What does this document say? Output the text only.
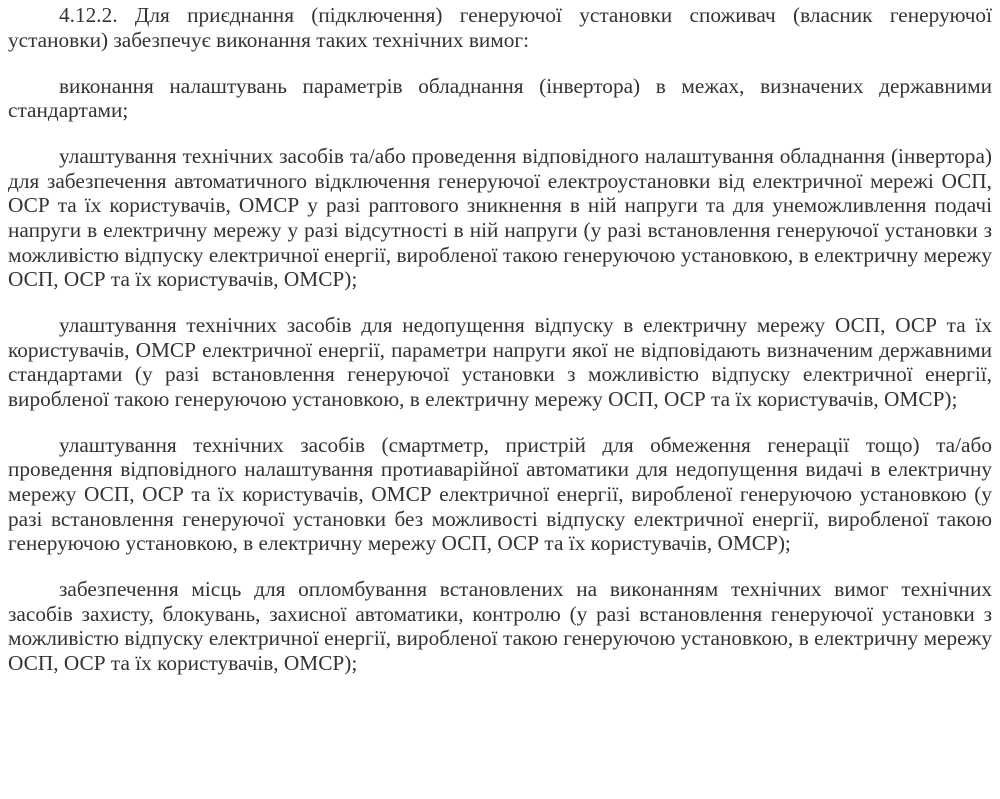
4.12.2. Для приєднання (підключення) генеруючої установки споживач (власник генеруючої установки) забезпечує виконання таких технічних вимог:

виконання налаштувань параметрів обладнання (інвертора) в межах, визначених державними стандартами;

улаштування технічних засобів та/або проведення відповідного налаштування обладнання (інвертора) для забезпечення автоматичного відключення генеруючої електроустановки від електричної мережі ОСП, ОСР та їх користувачів, ОМСР у разі раптового зникнення в ній напруги та для унеможливлення подачі напруги в електричну мережу у разі відсутності в ній напруги (у разі встановлення генеруючої установки з можливістю відпуску електричної енергії, виробленої такою генеруючою установкою, в електричну мережу ОСП, ОСР та їх користувачів, ОМСР);

улаштування технічних засобів для недопущення відпуску в електричну мережу ОСП, ОСР та їх користувачів, ОМСР електричної енергії, параметри напруги якої не відповідають визначеним державними стандартами (у разі встановлення генеруючої установки з можливістю відпуску електричної енергії, виробленої такою генеруючою установкою, в електричну мережу ОСП, ОСР та їх користувачів, ОМСР);

улаштування технічних засобів (смартметр, пристрій для обмеження генерації тощо) та/або проведення відповідного налаштування протиаварійної автоматики для недопущення видачі в електричну мережу ОСП, ОСР та їх користувачів, ОМСР електричної енергії, виробленої генеруючою установкою (у разі встановлення генеруючої установки без можливості відпуску електричної енергії, виробленої такою генеруючою установкою, в електричну мережу ОСП, ОСР та їх користувачів, ОМСР);

забезпечення місць для опломбування встановлених на виконанням технічних вимог технічних засобів захисту, блокувань, захисної автоматики, контролю (у разі встановлення генеруючої установки з можливістю відпуску електричної енергії, виробленої такою генеруючою установкою, в електричну мережу ОСП, ОСР та їх користувачів, ОМСР);
